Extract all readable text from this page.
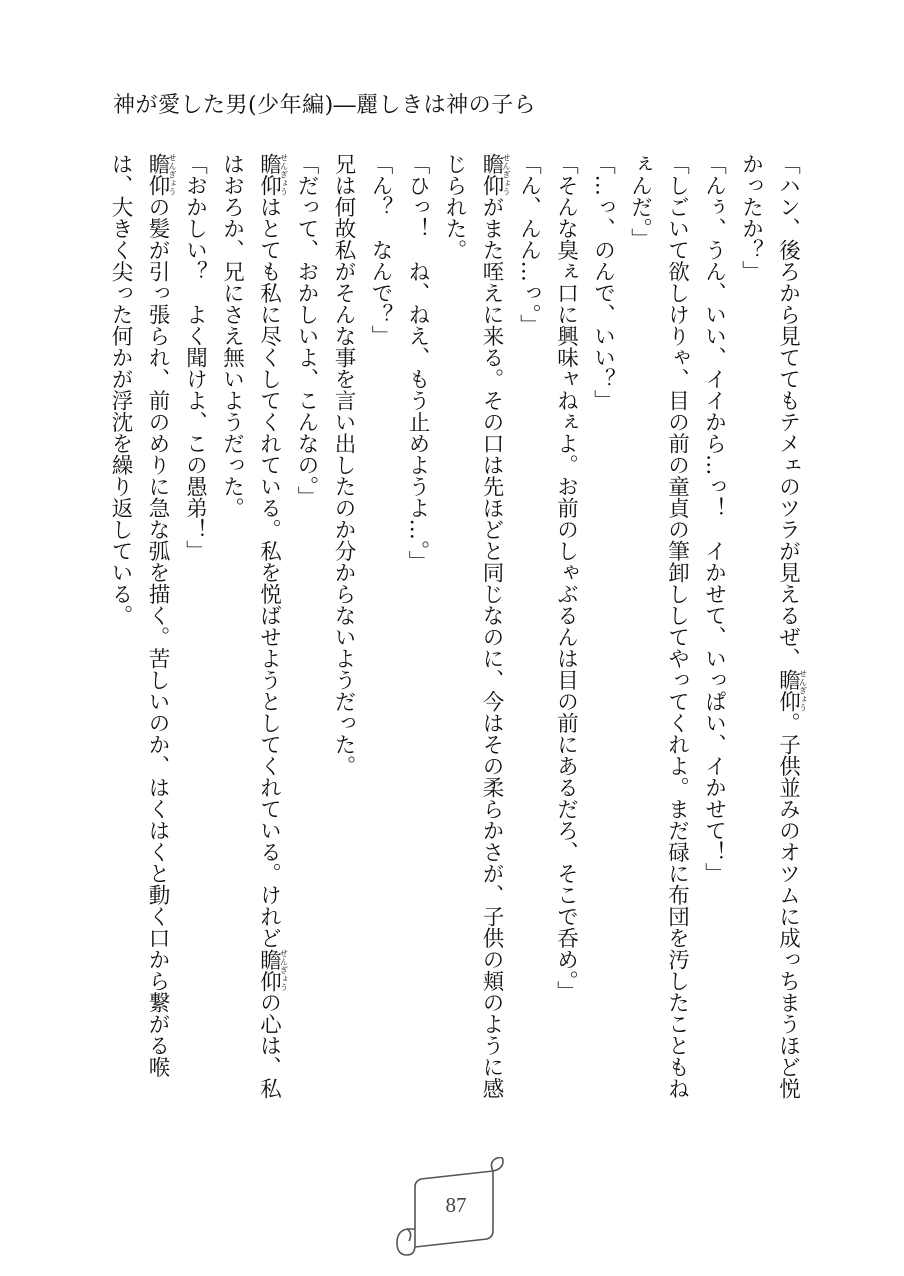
神が愛した男(少年編)―麗しきは神の子ら

「ハン、後ろから見ててもテメェのツラが見えるぜ、瞻仰せんぎょう。子供並みのオツムに成っちまうほど悦かったか？」

「んぅ、うん、いい、イイから…っ！　イかせて、いっぱい、イかせて！」

「しごいて欲しけりゃ、目の前の童貞の筆卸ししてやってくれよ。まだ碌に布団を汚したこともねぇんだ。」

「…っ、のんで、いい？」

「そんな臭ぇ口に興味ャねぇよ。お前のしゃぶるんは目の前にあるだろ、そこで呑め。」

「ん、んん…っ。」

瞻仰せんぎょうがまた咥えに来る。その口は先ほどと同じなのに、今はその柔らかさが、子供の頬のように感じられた。

「ひっ！　ね、ねえ、もう止めようよ…。」

「ん？　なんで？」

兄は何故私がそんな事を言い出したのか分からないようだった。

「だって、おかしいよ、こんなの。」

瞻仰せんぎょうはとても私に尽くしてくれている。私を悦ばせようとしてくれている。けれど瞻仰せんぎょうの心は、私はおろか、兄にさえ無いようだった。

「おかしい？　よく聞けよ、この愚弟！」

瞻仰せんぎょうの髪が引っ張られ、前のめりに急な弧を描く。苦しいのか、はくはくと動く口から繋がる喉は、大きく尖った何かが浮沈を繰り返している。

87
